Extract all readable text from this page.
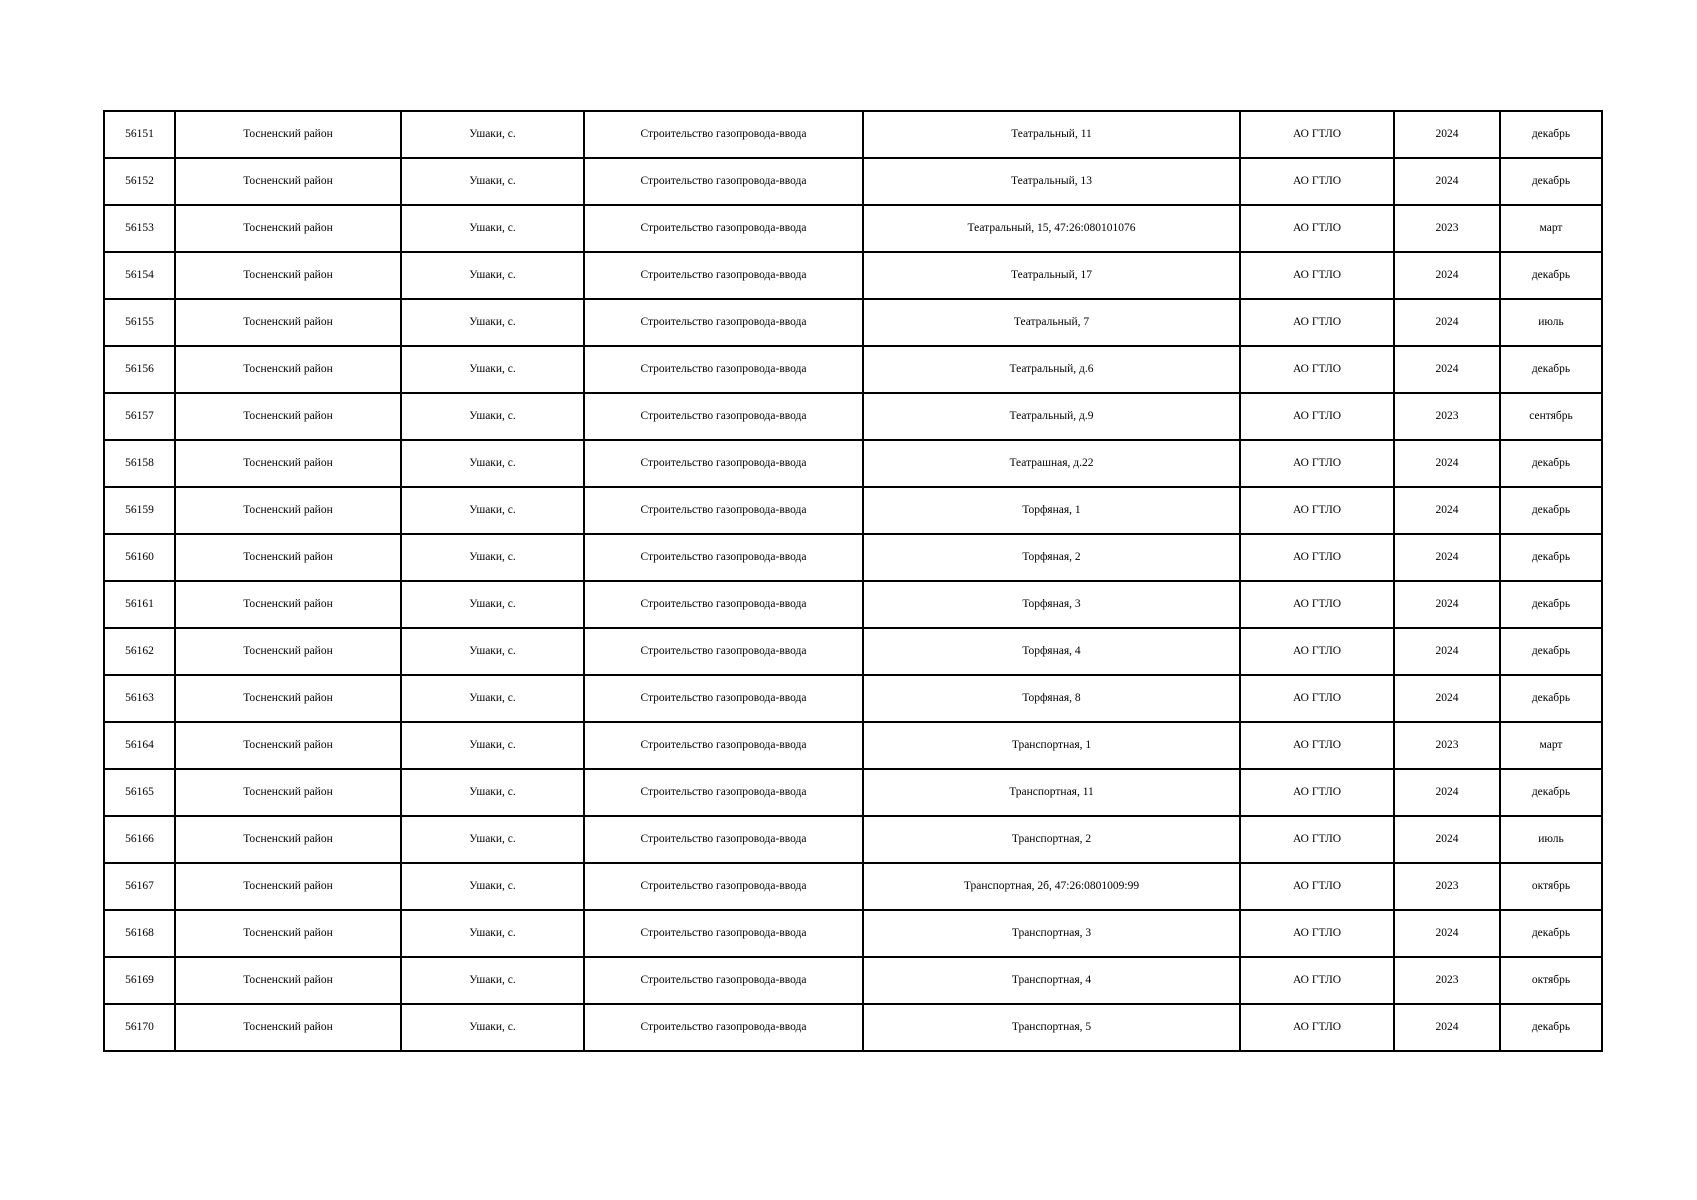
56151	Тосненский район	Ушаки, с.	Строительство газопровода-ввода	Театральный, 11	АО ГТЛО	2024	декабрь
56152	Тосненский район	Ушаки, с.	Строительство газопровода-ввода	Театральный, 13	АО ГТЛО	2024	декабрь
56153	Тосненский район	Ушаки, с.	Строительство газопровода-ввода	Театральный, 15, 47:26:080101076	АО ГТЛО	2023	март
56154	Тосненский район	Ушаки, с.	Строительство газопровода-ввода	Театральный, 17	АО ГТЛО	2024	декабрь
56155	Тосненский район	Ушаки, с.	Строительство газопровода-ввода	Театральный, 7	АО ГТЛО	2024	июль
56156	Тосненский район	Ушаки, с.	Строительство газопровода-ввода	Театральный, д.6	АО ГТЛО	2024	декабрь
56157	Тосненский район	Ушаки, с.	Строительство газопровода-ввода	Театральный, д.9	АО ГТЛО	2023	сентябрь
56158	Тосненский район	Ушаки, с.	Строительство газопровода-ввода	Театрашная, д.22	АО ГТЛО	2024	декабрь
56159	Тосненский район	Ушаки, с.	Строительство газопровода-ввода	Торфяная, 1	АО ГТЛО	2024	декабрь
56160	Тосненский район	Ушаки, с.	Строительство газопровода-ввода	Торфяная, 2	АО ГТЛО	2024	декабрь
56161	Тосненский район	Ушаки, с.	Строительство газопровода-ввода	Торфяная, 3	АО ГТЛО	2024	декабрь
56162	Тосненский район	Ушаки, с.	Строительство газопровода-ввода	Торфяная, 4	АО ГТЛО	2024	декабрь
56163	Тосненский район	Ушаки, с.	Строительство газопровода-ввода	Торфяная, 8	АО ГТЛО	2024	декабрь
56164	Тосненский район	Ушаки, с.	Строительство газопровода-ввода	Транспортная, 1	АО ГТЛО	2023	март
56165	Тосненский район	Ушаки, с.	Строительство газопровода-ввода	Транспортная, 11	АО ГТЛО	2024	декабрь
56166	Тосненский район	Ушаки, с.	Строительство газопровода-ввода	Транспортная, 2	АО ГТЛО	2024	июль
56167	Тосненский район	Ушаки, с.	Строительство газопровода-ввода	Транспортная, 2б, 47:26:0801009:99	АО ГТЛО	2023	октябрь
56168	Тосненский район	Ушаки, с.	Строительство газопровода-ввода	Транспортная, 3	АО ГТЛО	2024	декабрь
56169	Тосненский район	Ушаки, с.	Строительство газопровода-ввода	Транспортная, 4	АО ГТЛО	2023	октябрь
56170	Тосненский район	Ушаки, с.	Строительство газопровода-ввода	Транспортная, 5	АО ГТЛО	2024	декабрь
